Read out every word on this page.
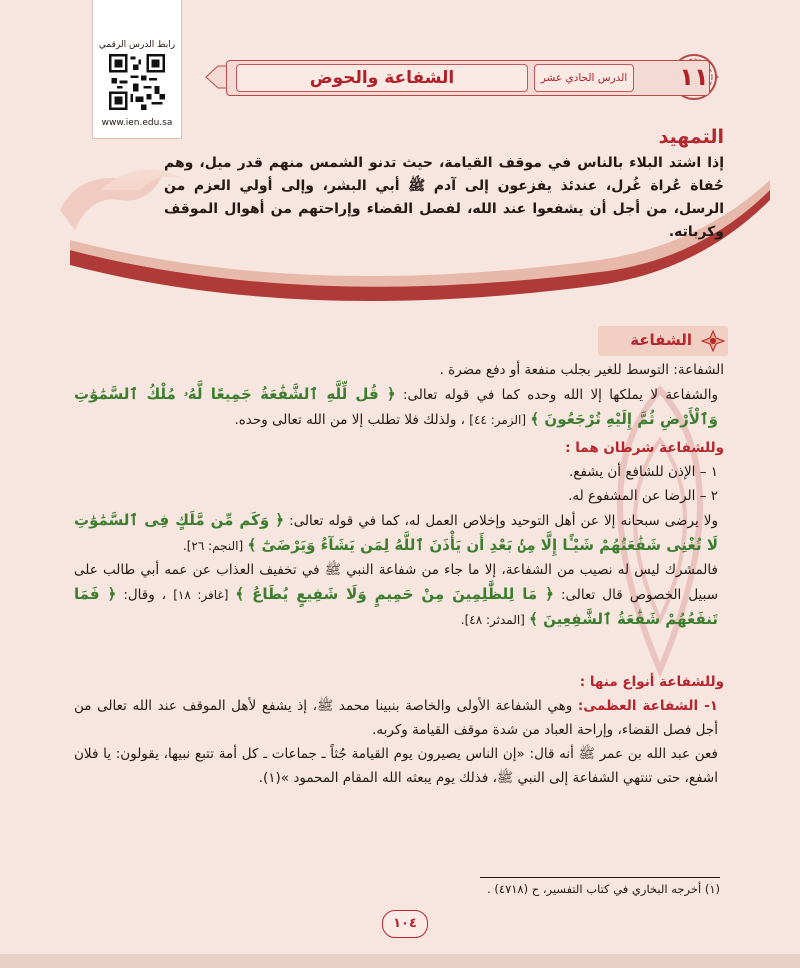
رابط الدرس الرقمي
www.ien.edu.sa
الشفاعة والحوض	الدرس الحادي عشر	١١
التمهيد
إذا اشتد البلاء بالناس في موقف القيامة، حيث تدنو الشمس منهم قدر ميل، وهم حُفاة عُراة غُرل، عندئذ يفزعون إلى آدم ﷺ أبي البشر، وإلى أولي العزم من الرسل، من أجل أن يشفعوا عند الله، لفصل القضاء وإراحتهم من أهوال الموقف وكرباته.
الشفاعة

الشفاعة: التوسط للغير بجلب منفعة أو دفع مضرة .

والشفاعة لا يملكها إلا الله وحده كما في قوله تعالى: ﴿ قُل لِّلَّهِ ٱلشَّفَٰعَةُ جَمِيعًا لَّهُۥ مُلْكُ ٱلسَّمَٰوَٰتِ وَٱلْأَرْضِ ثُمَّ إِلَيْهِ تُرْجَعُونَ ﴾ [الزمر: ٤٤] ، ولذلك فلا تطلب إلا من الله تعالى وحده.

وللشفاعة شرطان هما :

١ – الإذن للشافع أن يشفع.

٢ – الرضا عن المشفوع له.

ولا يرضى سبحانه إلا عن أهل التوحيد وإخلاص العمل له، كما في قوله تعالى: ﴿ وَكَم مِّن مَّلَكٍ فِى ٱلسَّمَٰوَٰتِ لَا تُغْنِى شَفَٰعَتُهُمْ شَيْـًٔا إِلَّا مِنۢ بَعْدِ أَن يَأْذَنَ ٱللَّهُ لِمَن يَشَآءُ وَيَرْضَىٰٓ ﴾ [النجم: ٢٦].

فالمشرك ليس له نصيب من الشفاعة، إلا ما جاء من شفاعة النبي ﷺ في تخفيف العذاب عن عمه أبي طالب على سبيل الخصوص قال تعالى: ﴿ مَا لِلظَّٰلِمِينَ مِنْ حَمِيمٍ وَلَا شَفِيعٍ يُطَاعُ ﴾ [غافر: ١٨] ، وقال: ﴿ فَمَا تَنفَعُهُمْ شَفَٰعَةُ ٱلشَّٰفِعِينَ ﴾ [المدثر: ٤٨].

وللشفاعة أنواع منها :

١- الشفاعة العظمى: وهي الشفاعة الأولى والخاصة بنبينا محمد ﷺ، إذ يشفع لأهل الموقف عند الله تعالى من أجل فصل القضاء، وإراحة العباد من شدة موقف القيامة وكربه.

فعن عبد الله بن عمر ﷺ أنه قال: «إن الناس يصيرون يوم القيامة جُثاً ـ جماعات ـ كل أمة تتبع نبيها، يقولون: يا فلان اشفع، حتى تنتهي الشفاعة إلى النبي ﷺ، فذلك يوم يبعثه الله المقام المحمود »(١).

(١) أخرجه البخاري في كتاب التفسير، ح (٤٧١٨) .
١٠٤
